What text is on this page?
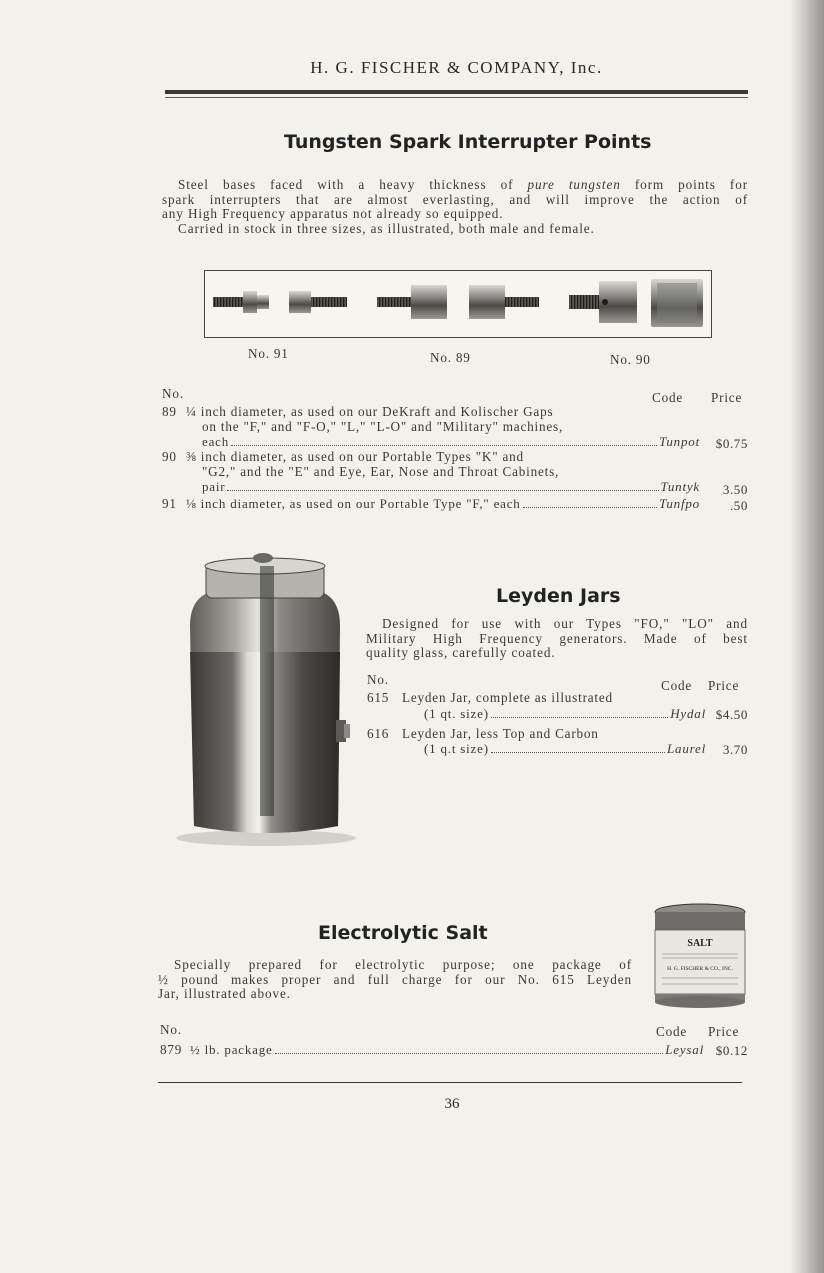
H. G. FISCHER & COMPANY, Inc.
Tungsten Spark Interrupter Points
Steel bases faced with a heavy thickness of pure tungsten form points for
spark interrupters that are almost everlasting, and will improve the action of
any High Frequency apparatus not already so equipped.
Carried in stock in three sizes, as illustrated, both male and female.
No. 91	No. 89	No. 90
No.	Code Price
89 ¼ inch diameter, as used on our DeKraft and Kolischer Gaps
on the "F," and "F-O," "L," "L-O" and "Military" machines,
each	Tunpot	$0.75
90 ⅜ inch diameter, as used on our Portable Types "K" and
"G2," and the "E" and Eye, Ear, Nose and Throat Cabinets,
pair	Tuntyk	3.50
91 ⅛ inch diameter, as used on our Portable Type "F," each	Tunfpo	.50
Leyden Jars
Designed for use with our Types "FO," "LO" and
Military High Frequency generators. Made of best
quality glass, carefully coated.
No.	Code Price
615 Leyden Jar, complete as illustrated
(1 qt. size)	Hydal $4.50
616 Leyden Jar, less Top and Carbon
(1 q.t size)	Laurel	3.70
SALT
H. G. FISCHER & CO., INC.
Electrolytic Salt
Specially prepared for electrolytic purpose; one package of
½ pound makes proper and full charge for our No. 615 Leyden
Jar, illustrated above.
No.	Code Price
879 ½ lb. package	Leysal $0.12
36
